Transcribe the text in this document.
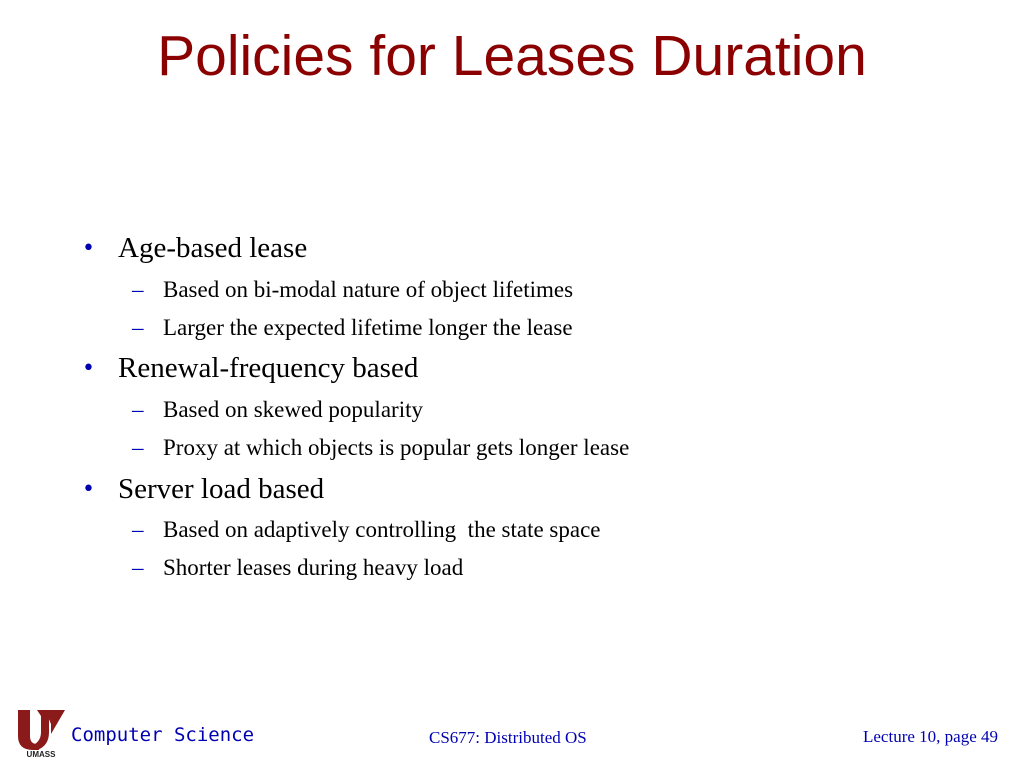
Policies for Leases Duration
• Age-based lease
– Based on bi-modal nature of object lifetimes
– Larger the expected lifetime longer the lease
• Renewal-frequency based
– Based on skewed popularity
– Proxy at which objects is popular gets longer lease
• Server load based
– Based on adaptively controlling  the state space
– Shorter leases during heavy load
UMASS
Computer Science	CS677: Distributed OS	Lecture 10, page 49
